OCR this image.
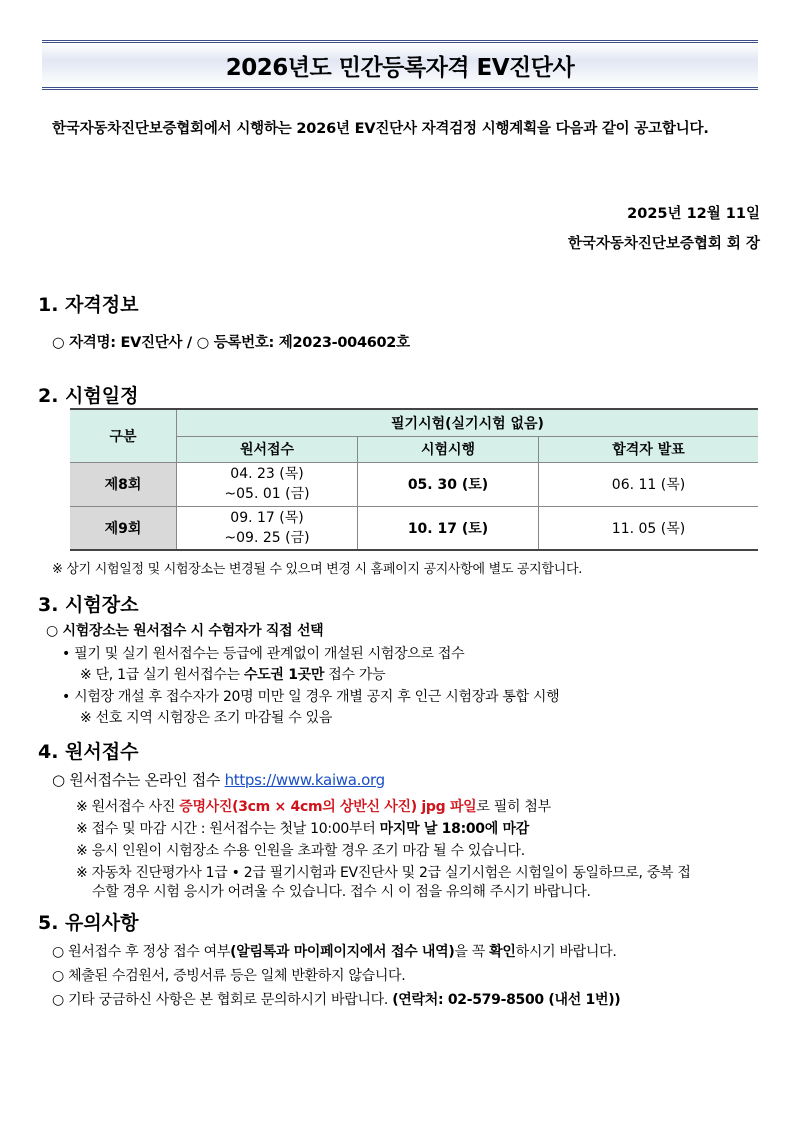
2026년도 민간등록자격 EV진단사
한국자동차진단보증협회에서 시행하는 2026년 EV진단사 자격검정 시행계획을 다음과 같이 공고합니다.
2025년 12월 11일
한국자동차진단보증협회 회 장
1. 자격정보
○ 자격명: EV진단사 / ○ 등록번호: 제2023-004602호
2. 시험일정
구분	필기시험(실기시험 없음)		
	원서접수	시험시행	합격자 발표
제8회	04. 23 (목)
~05. 01 (금)	05. 30 (토)	06. 11 (목)
제9회	09. 17 (목)
~09. 25 (금)	10. 17 (토)	11. 05 (목)
※ 상기 시험일정 및 시험장소는 변경될 수 있으며 변경 시 홈페이지 공지사항에 별도 공지합니다.
3. 시험장소
○ 시험장소는 원서접수 시 수험자가 직접 선택
• 필기 및 실기 원서접수는 등급에 관계없이 개설된 시험장으로 접수
※ 단, 1급 실기 원서접수는 수도권 1곳만 접수 가능
• 시험장 개설 후 접수자가 20명 미만 일 경우 개별 공지 후 인근 시험장과 통합 시행
※ 선호 지역 시험장은 조기 마감될 수 있음
4. 원서접수
○ 원서접수는 온라인 접수 https://www.kaiwa.org
※ 원서접수 사진 증명사진(3cm × 4cm의 상반신 사진) jpg 파일로 필히 첨부
※ 접수 및 마감 시간 : 원서접수는 첫날 10:00부터 마지막 날 18:00에 마감
※ 응시 인원이 시험장소 수용 인원을 초과할 경우 조기 마감 될 수 있습니다.
※ 자동차 진단평가사 1급 • 2급 필기시험과 EV진단사 및 2급 실기시험은 시험일이 동일하므로, 중복 접
수할 경우 시험 응시가 어려울 수 있습니다. 접수 시 이 점을 유의해 주시기 바랍니다.
5. 유의사항
○ 원서접수 후 정상 접수 여부(알림톡과 마이페이지에서 접수 내역)을 꼭 확인하시기 바랍니다.
○ 체출된 수검원서, 증빙서류 등은 일체 반환하지 않습니다.
○ 기타 궁금하신 사항은 본 협회로 문의하시기 바랍니다. (연락처: 02-579-8500 (내선 1번))
